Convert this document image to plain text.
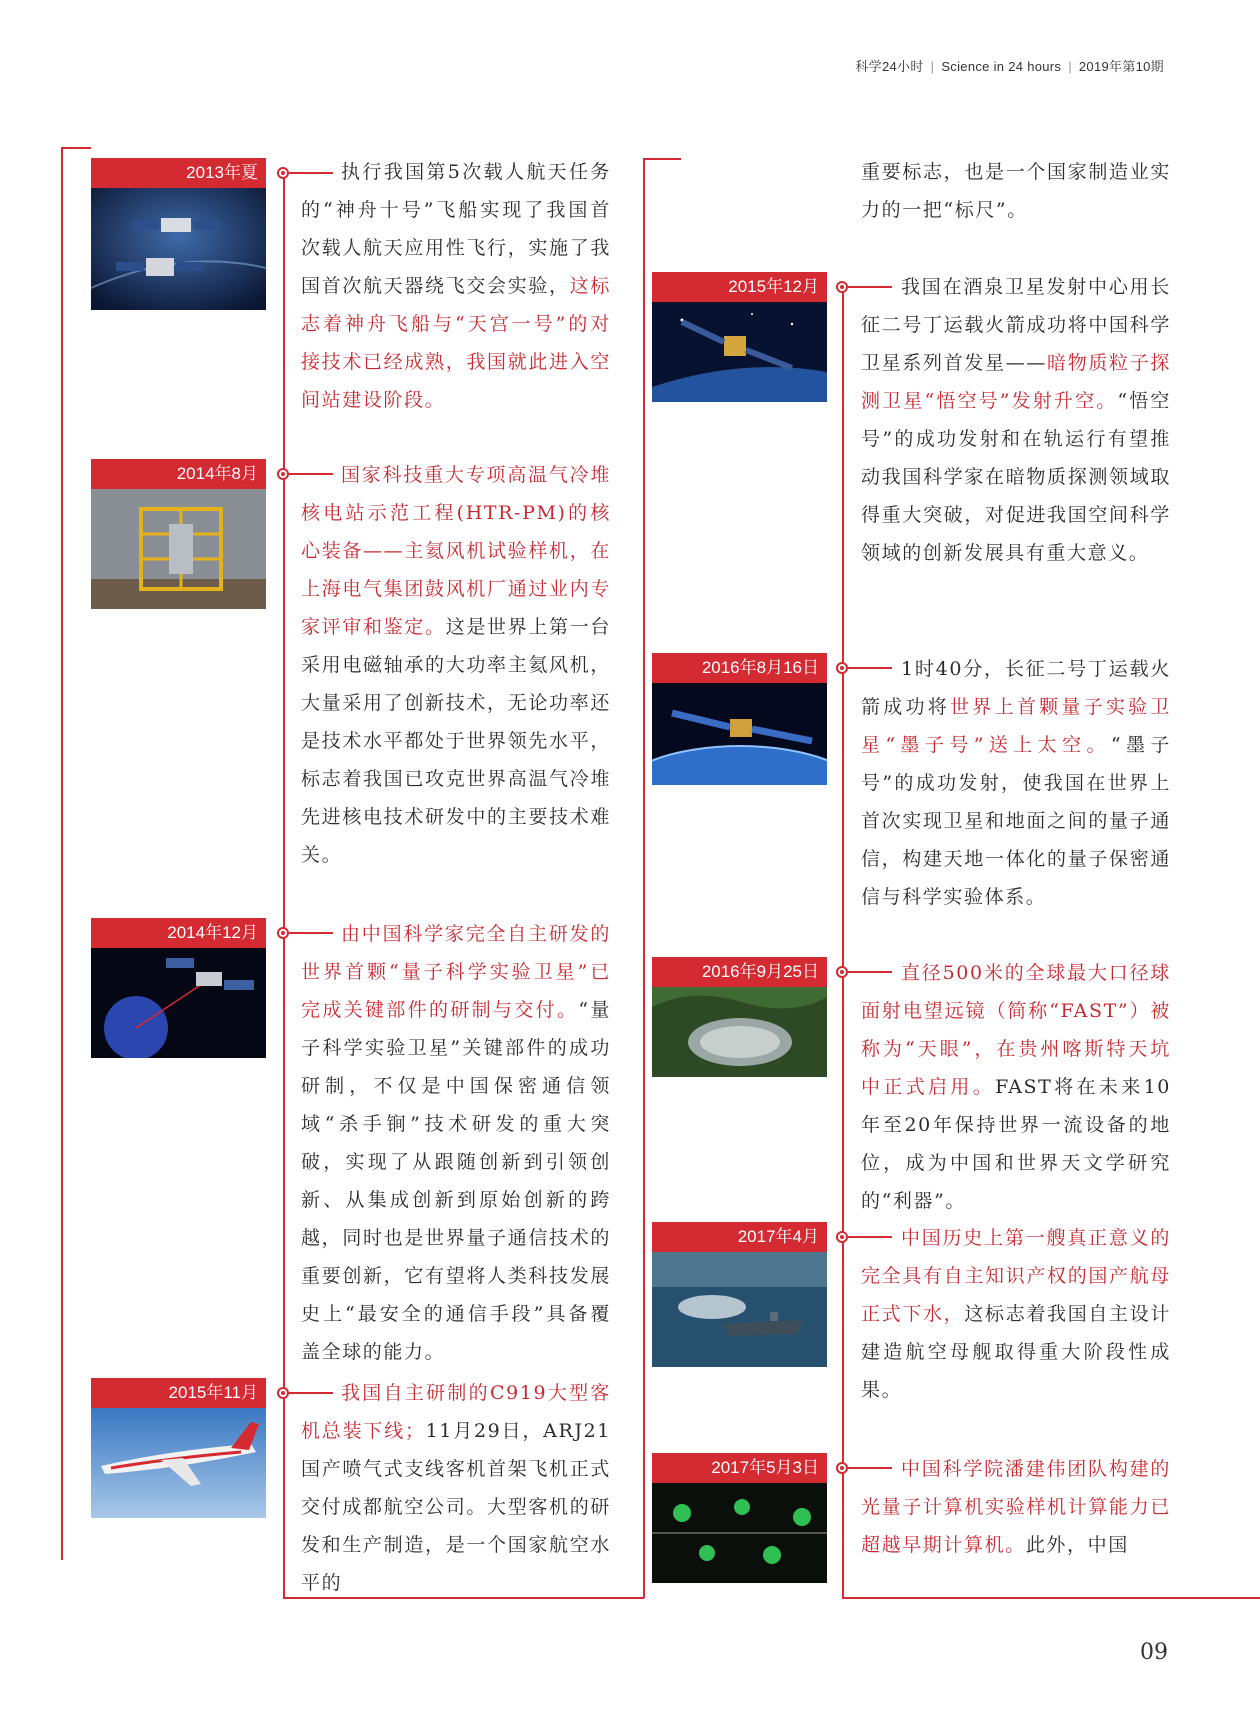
科学24小时 | Science in 24 hours | 2019年第10期
2013年夏	执行我国第5次载人航天任务的“神舟十号”飞船实现了我国首次载人航天应用性飞行，实施了我国首次航天器绕飞交会实验，这标志着神舟飞船与“天宫一号”的对接技术已经成熟，我国就此进入空间站建设阶段。
2014年8月	国家科技重大专项高温气冷堆核电站示范工程(HTR-PM)的核心装备——主氦风机试验样机，在上海电气集团鼓风机厂通过业内专家评审和鉴定。这是世界上第一台采用电磁轴承的大功率主氦风机，大量采用了创新技术，无论功率还是技术水平都处于世界领先水平，标志着我国已攻克世界高温气冷堆先进核电技术研发中的主要技术难关。
2014年12月	由中国科学家完全自主研发的世界首颗“量子科学实验卫星”已完成关键部件的研制与交付。“量子科学实验卫星”关键部件的成功研制，不仅是中国保密通信领域“杀手锏”技术研发的重大突破，实现了从跟随创新到引领创新、从集成创新到原始创新的跨越，同时也是世界量子通信技术的重要创新，它有望将人类科技发展史上“最安全的通信手段”具备覆盖全球的能力。
2015年11月	我国自主研制的C919大型客机总装下线；11月29日，ARJ21国产喷气式支线客机首架飞机正式交付成都航空公司。大型客机的研发和生产制造，是一个国家航空水平的
重要标志，也是一个国家制造业实力的一把“标尺”。
2015年12月	我国在酒泉卫星发射中心用长征二号丁运载火箭成功将中国科学卫星系列首发星——暗物质粒子探测卫星“悟空号”发射升空。“悟空号”的成功发射和在轨运行有望推动我国科学家在暗物质探测领域取得重大突破，对促进我国空间科学领域的创新发展具有重大意义。
2016年8月16日	1时40分，长征二号丁运载火箭成功将世界上首颗量子实验卫星“墨子号”送上太空。“墨子号”的成功发射，使我国在世界上首次实现卫星和地面之间的量子通信，构建天地一体化的量子保密通信与科学实验体系。
2016年9月25日	直径500米的全球最大口径球面射电望远镜（简称“FAST”）被称为“天眼”，在贵州喀斯特天坑中正式启用。FAST将在未来10年至20年保持世界一流设备的地位，成为中国和世界天文学研究的“利器”。
2017年4月	中国历史上第一艘真正意义的完全具有自主知识产权的国产航母正式下水，这标志着我国自主设计建造航空母舰取得重大阶段性成果。
2017年5月3日	中国科学院潘建伟团队构建的光量子计算机实验样机计算能力已超越早期计算机。此外，中国
09
